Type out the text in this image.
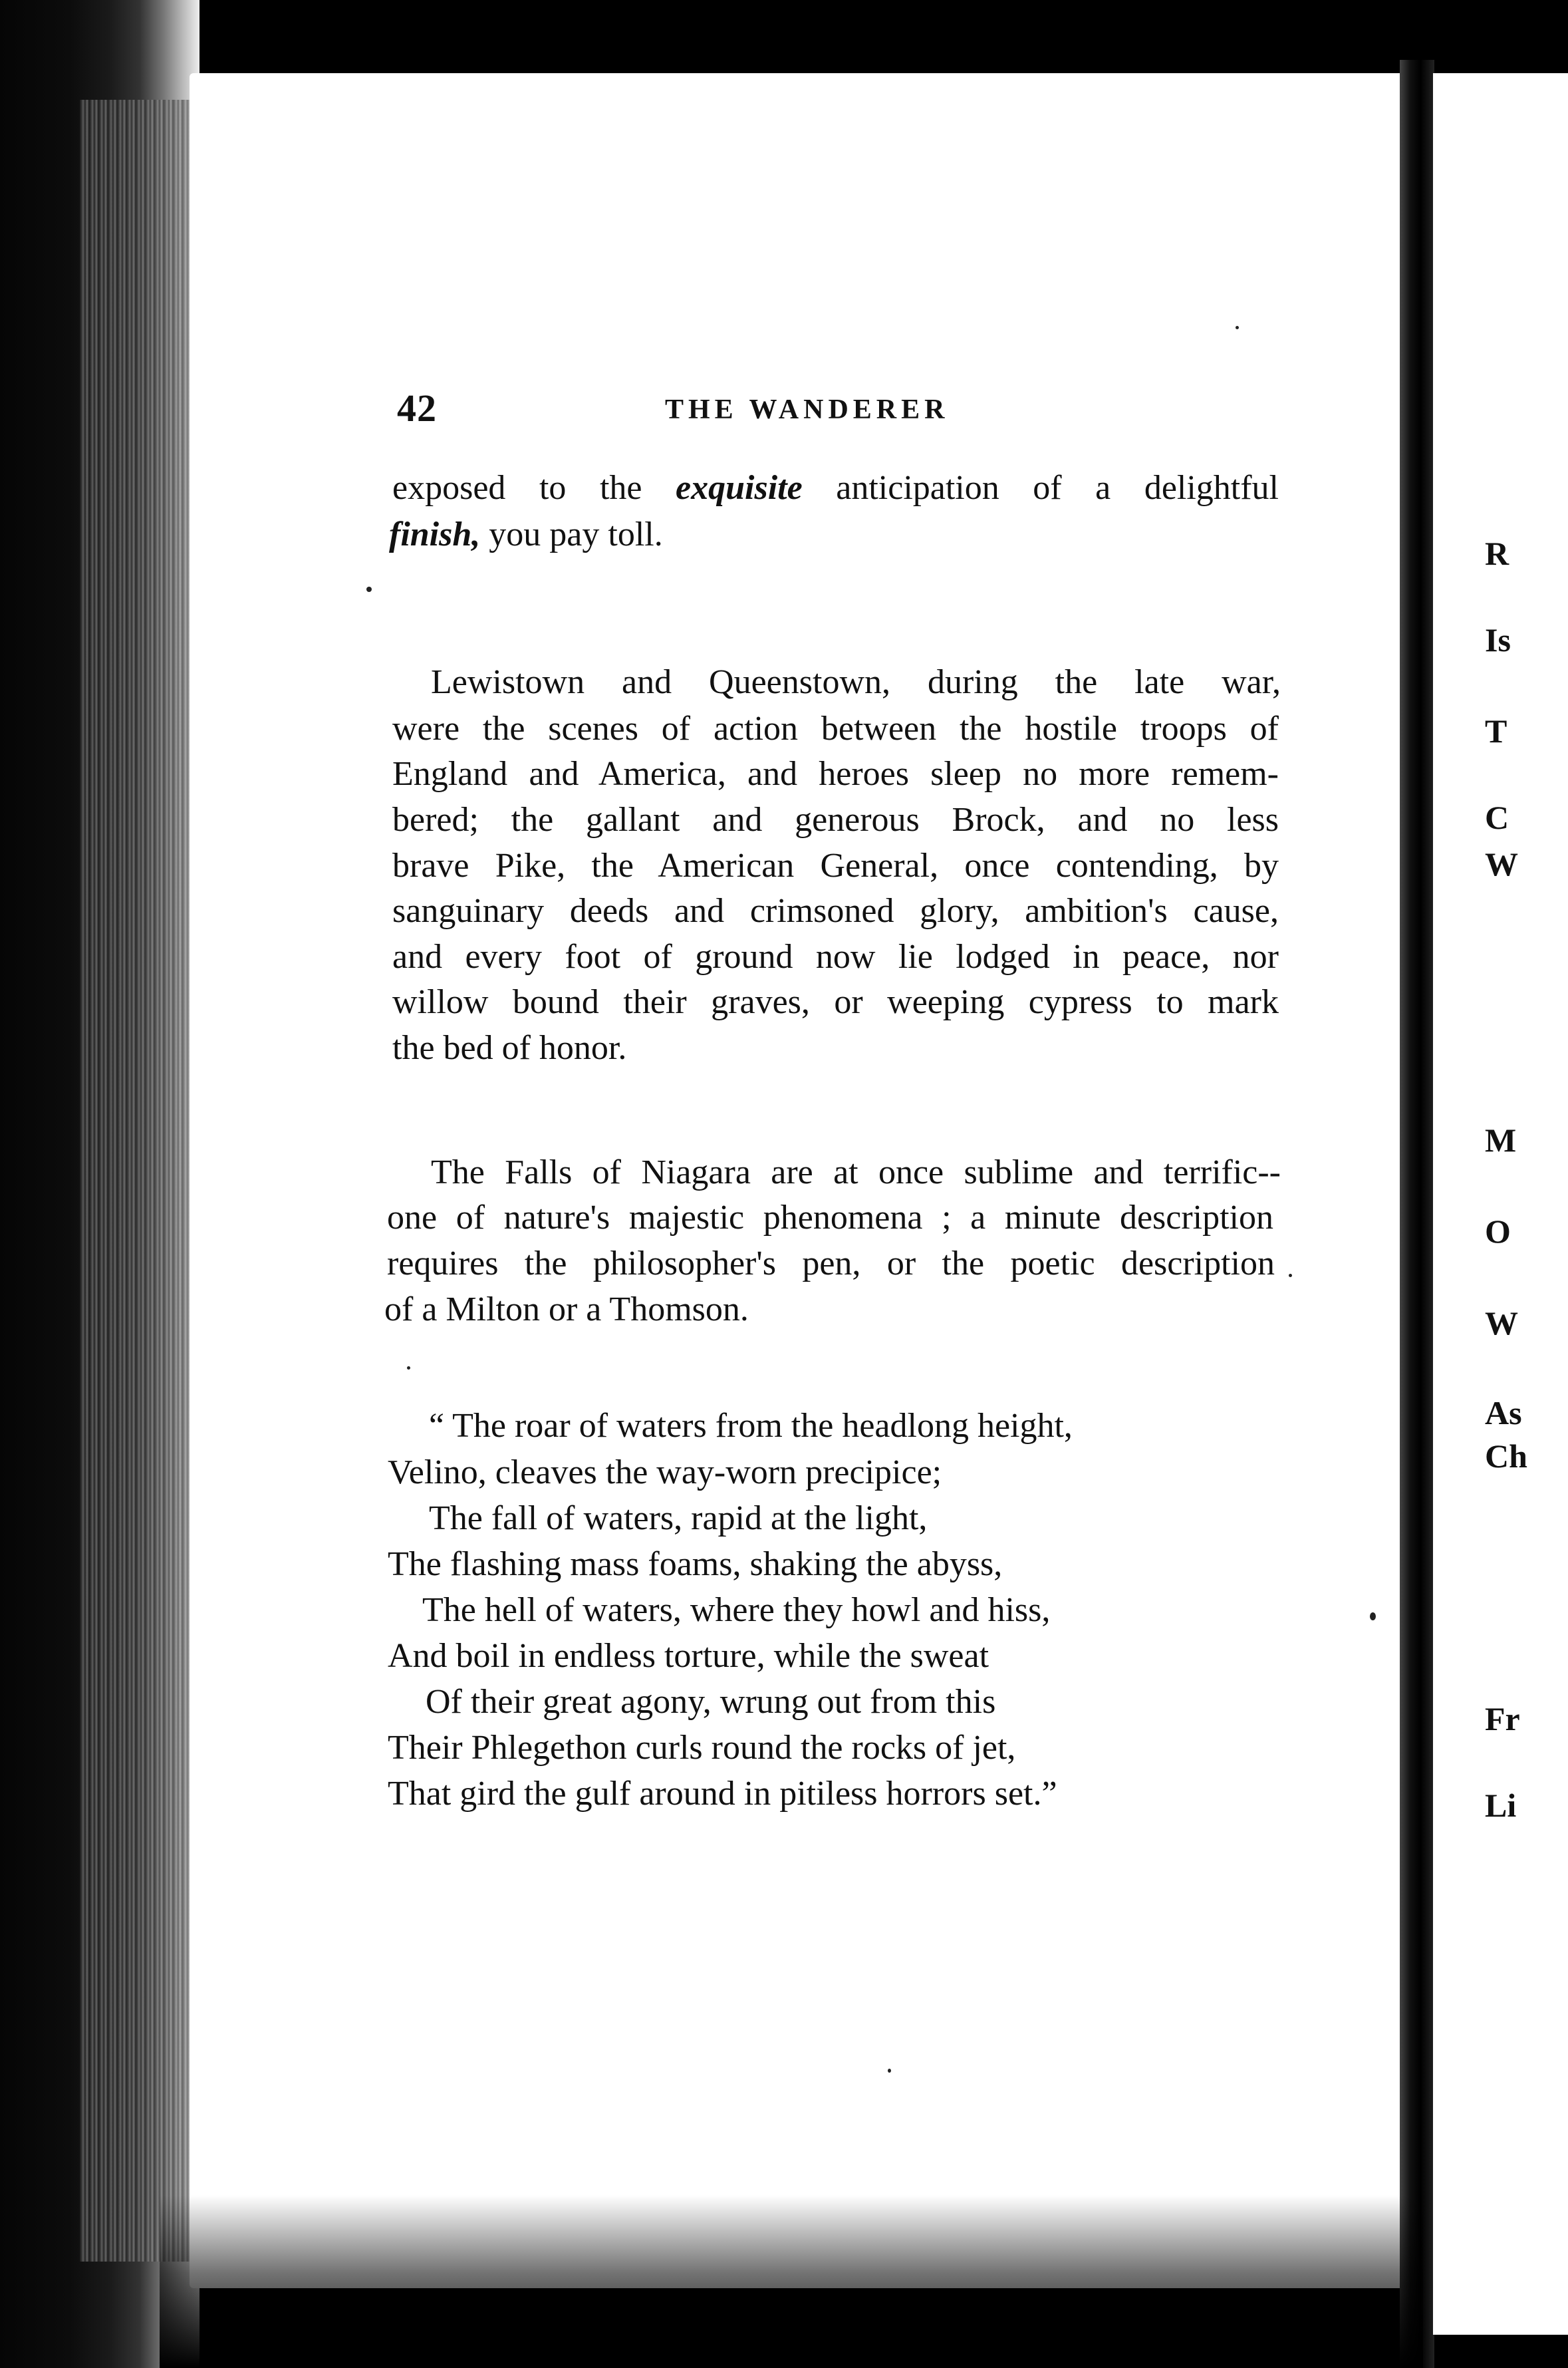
R
Is
T
C
W
M
O
W
As
Ch
Fr
Li
42	THE WANDERER
exposed to the exquisite anticipation of a delightful
finish, you pay toll.
Lewistown and Queenstown, during the late war,
were the scenes of action between the hostile troops of
England and America, and heroes sleep no more remem-
bered; the gallant and generous Brock, and no less
brave Pike, the American General, once contending, by
sanguinary deeds and crimsoned glory, ambition's cause,
and every foot of ground now lie lodged in peace, nor
willow bound their graves, or weeping cypress to mark
the bed of honor.
The Falls of Niagara are at once sublime and terrific--
one of nature's majestic phenomena ; a minute description
requires the philosopher's pen, or the poetic description
of a Milton or a Thomson.
“ The roar of waters from the headlong height,
Velino, cleaves the way-worn precipice;
The fall of waters, rapid at the light,
The flashing mass foams, shaking the abyss,
The hell of waters, where they howl and hiss,
And boil in endless torture, while the sweat
Of their great agony, wrung out from this
Their Phlegethon curls round the rocks of jet,
That gird the gulf around in pitiless horrors set.”
